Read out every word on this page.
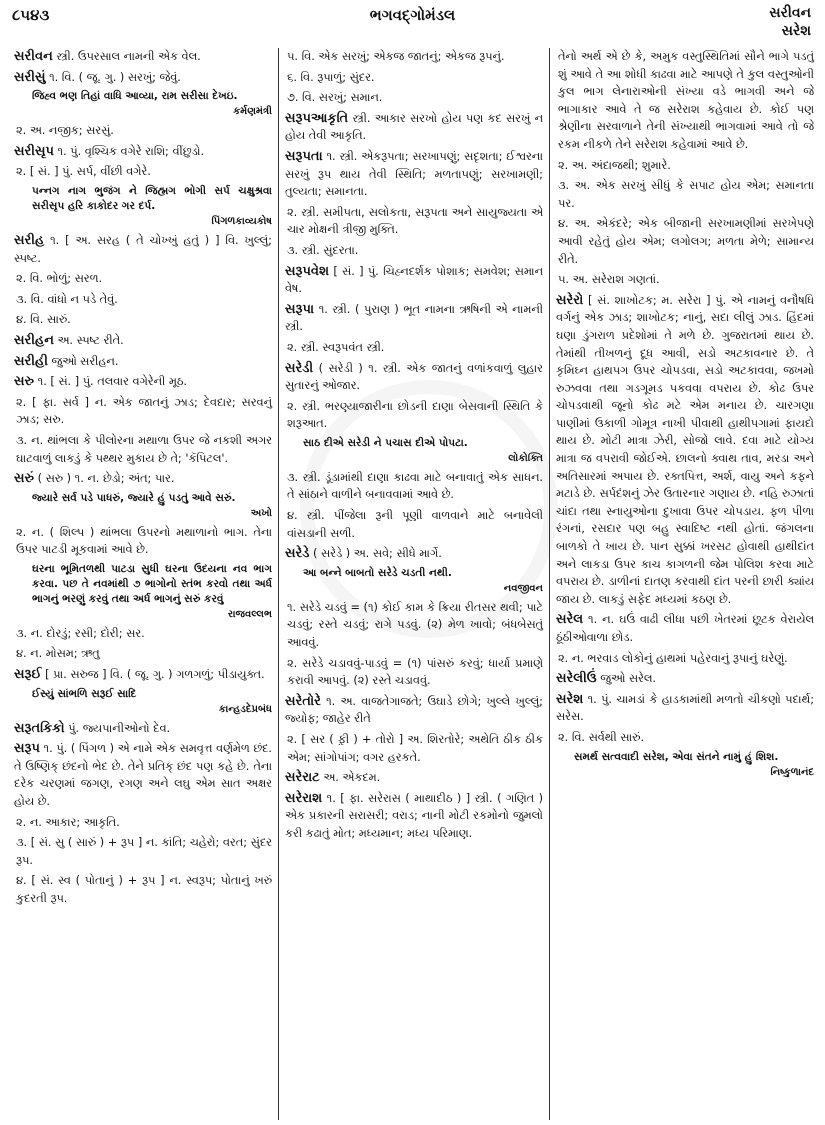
૮૫૪૩	ભગવદ્ગોમંડલ	સરીવન
સરેશ
સરીવન સ્ત્રી. ઉપરસાલ નામની એક વેલ.
સરીસું ૧. વિ. ( જૂ. ગુ. ) સરખું; જેવું.
જિહ્વ ભણ તિહાં વાધિ આવ્યા, રામ સરીસા દેખઇ.
કર્મણમંત્રી
૨. અ. નજીક; સરસું.
સરીસૃપ ૧. પું. વૃશ્ચિક વગેરે રાશિ; વીંછુડો.
૨. [ સં. ] પું. સર્પ, વીંછી વગેરે.
પન્નગ નાગ ભુજંગ ને જિહ્મગ ભોગી સર્પ ચક્ષુશ્રવા સરીસૃપ હરિ કાકોદર ગર દર્પ.
પિંગળકાવ્યકોષ
સરીહ ૧. [ અ. સરહ ( તે ચોખ્ખું હતું ) ] વિ. ખુલ્લું; સ્પષ્ટ.
૨. વિ. ભોળું; સરળ.
૩. વિ. વાંધો ન પડે તેવું.
૪. વિ. સારું.
સરીહન અ. સ્પષ્ટ રીતે.
સરીહી જુઓ સરીહન.
સરુ ૧. [ સં. ] પું. તલવાર વગેરેની મૂઠ.
૨. [ ફા. સર્વ ] ન. એક જાતનું ઝાડ; દેવદાર; સરવનું ઝાડ; સરુ.
૩. ન. થાંભલા કે પીલોરના મથાળા ઉપર જે નકશી અગર ઘાટવાળું લાકડું કે પથ્થર મુકાય છે તે; 'કૅપિટલ'.
સરું ( સરુ ) ૧. ન. છેડો; અંત; પાર.
જ્યારે સર્વ પડે પાધરું, જ્યારે હું પડતું આવે સરું.
અખો
૨. ન. ( શિલ્પ ) થાંભલા ઉપરનો મથાળાનો ભાગ. તેના ઉપર પાટડી મૂકવામાં આવે છે.
ઘરના ભૂમિતળથી પાટડા સુધી ઘરના ઉદયના નવ ભાગ કરવા. પછ તે નવમાંથી ૭ ભાગોનો સ્તંભ કરવો તથા અર્ધ ભાગનું ભરણું કરવું તથા અર્ધ ભાગનું સરું કરવું
રાજવલ્લભ
૩. ન. દોરડું; રસી; દોરી; સર.
૪. ન. મોસમ; ઋતુ
સરૂઈ [ પ્રા. સરુજ ] વિ. ( જૂ. ગુ. ) ગળગળું; પીડાયુક્ત.
ઈસ્યું સાંભળિ સરૂઈ સાદિ
કાન્હડદેપ્રબંધ
સરૂતકિકો પું. જ્યપાનીઓનો દેવ.
સરૂપ ૧. પું. ( પિંગળ ) એ નામે એક સમવૃત્ત વર્ણમેળ છંદ. તે ઉષ્ણિક્ છંદનો ભેદ છે. તેને પ્રતિક્ છંદ પણ કહે છે. તેના દરેક ચરણમાં જગણ, રગણ અને લઘુ એમ સાત અક્ષર હોય છે.
૨. ન. આકાર; આકૃતિ.
૩. [ સં. સુ ( સારું ) + રૂપ ] ન. કાંતિ; ચહેરો; વરત; સુંદર રૂપ.
૪. [ સં. સ્વ ( પોતાનું ) + રૂપ ] ન. સ્વરૂપ; પોતાનું ખરું કુદરતી રૂપ.
૫. વિ. એક સરખું; એકજ જાતનું; એકજ રૂપનું.
૬. વિ. રૂપાળું; સુંદર.
૭. વિ. સરખું; સમાન.
સરૂપઆકૃતિ સ્ત્રી. આકાર સરખો હોય પણ કદ સરખું ન હોય તેવી આકૃતિ.
સરૂપતા ૧. સ્ત્રી. એકરૂપતા; સરખાપણું; સદૃશતા; ઈશ્વરના સરખું રૂપ થાય તેવી સ્થિતિ; મળતાપણું; સરખામણી; તુલ્યતા; સમાનતા.
૨. સ્ત્રી. સમીપતા, સલોકતા, સરૂપતા અને સાયુજ્યતા એ ચાર મોક્ષની ત્રીજી મુક્તિ.
૩. સ્ત્રી. સુંદરતા.
સરૂપવેશ [ સં. ] પું. ચિહ્નદર્શક પોશાક; સમવેશ; સમાન વેષ.
સરૂપા ૧. સ્ત્રી. ( પુરાણ ) ભૂત નામના ઋષિની એ નામની સ્ત્રી.
૨. સ્ત્રી. સ્વરૂપવંત સ્ત્રી.
સરેડી ( સરેડી ) ૧. સ્ત્રી. એક જાતનું વળાંકવાળું લુહાર સુતારનું ઓજાર.
૨. સ્ત્રી. ભરણ્યાજારીના છોડની દાણા બેસવાની સ્થિતિ કે શરૂઆત.
સાઠ દીએ સરેડી ને પચાસ દીએ પોપટા.
લોકોક્તિ
૩. સ્ત્રી. ડૂંડામાંથી દાણા કાઢવા માટે બનાવાતું એક સાધન. તે સાંઠાને વાળીને બનાવવામાં આવે છે.
૪. સ્ત્રી. પીંજેલા રૂની પૂણી વાળવાને માટે બનાવેલી વાંસડાની સળી.
સરેડે ( સરેડે ) અ. સવે; સીધે માર્ગે.
આ બન્ને બાબતો સરેડે ચડતી નથી.
નવજીવન
૧. સરેડે ચડવું = (૧) કોઈ કામ કે ક્રિયા રીતસર થવી; પાટે ચડવું; રસ્તે ચડવું; રાગે પડવું. (૨) મેળ ખાવો; બંધબેસતું આવવું.
૨. સરેડે ચડાવવું-પાડવું = (૧) પાંસરું કરવું; ધાર્યા પ્રમાણે કરાવી આપવું. (૨) રસ્તે ચડાવવું.
સરેતોરે ૧. અ. વાજતેગાજતે; ઉઘાડે છોગે; ખુલ્લે ખુલ્લું; જ્યોફ; જાહેર રીતે
૨. [ સર ( ફ઼ી ) + તોરો ] અ. શિરતોરે; અથેતિ ઠીક ઠીક એમ; સાંગોપાંગ; વગર હરકતે.
સરેરાટ અ. એકદમ.
સરેરાશ ૧. [ ફા. સરેરાસ ( માથાદીઠ ) ] સ્ત્રી. ( ગણિત ) એક પ્રકારની સરાસરી; વરાડ; નાની મોટી રકમોનો જુમલો કરી કઢાતું મોત; મધ્યમાન; મધ્ય પરિમાણ.
તેનો અર્થ એ છે કે, અમુક વસ્તુસ્થિતિમાં સૌને ભાગે પડતું શું આવે તે આ શોધી કાઢવા માટે આપણે તે કુલ વસ્તુઓની કુલ ભાગ લેનારાઓની સંખ્યા વડે ભાગવી અને જે ભાગાકાર આવે તે જ સરેરાશ કહેવાય છે. કોઈ પણ શ્રેણીના સરવાળાને તેની સંખ્યાથી ભાગવામાં આવે તો જે રકમ નીકળે તેને સરેરાશ કહેવામાં આવે છે.
૨. અ. અંદાજથી; શુમારે.
૩. અ. એક સરખું સીધું કે સપાટ હોય એમ; સમાનતા પર.
૪. અ. એકંદરે; એક બીજાની સરખામણીમાં સરખેપણે આવી રહેતું હોય એમ; લગોલગ; મળતા મેળે; સામાન્ય રીતે.
૫. અ. સરેરાશ ગણતાં.
સરેરો [ સં. શાખોટક; મ. સરેરા ] પું. એ નામનું વનૌષધિ વર્ગનું એક ઝાડ; શાખોટક; નાનું, સદા લીલું ઝાડ. હિંદમાં ઘણા ડુંગરાળ પ્રદેશોમાં તે મળે છે. ગુજરાતમાં થાય છે. તેમાંથી તીખળનું દૂધ આવી, સડો અટકાવનાર છે. તે કૃમિઘ્ન હાથપગ ઉપર ચોપડવા, સડો અટકાવવા, જખમો રુઝવવા તથા ગડગૂમડ પકવવા વપરાય છે. કોઢ ઉપર ચોપડવાથી જૂનો કોઢ મટે એમ મનાય છે. ચારગણા પાણીમાં ઉકાળી ગોમૂત્ર નાખી પીવાથી હાથીપગામાં ફાયદો થાય છે. મોટી માત્રા ઝેરી, સોજો લાવે. દવા માટે યોગ્ય માત્રા જ વપરાવી જોઈએ. છાલનો ક્વાથ તાવ, મરડા અને અતિસારમાં અપાય છે. રક્તપિત્ત, અર્શ, વાયુ અને કફને મટાડે છે. સર્પદંશનું ઝેર ઉતારનાર ગણાય છે. નહિ રુઝાતાં ચાંદા તથા સ્નાયુઓના દુખાવા ઉપર ચોપડાય. ફળ પીળા રંગનાં, રસદાર પણ બહુ સ્વાદિષ્ટ નથી હોતાં. જંગલના બાળકો તે ખાય છે. પાન સુક્કાં ખરસટ હોવાથી હાથીદાંત અને લાકડા ઉપર કાચ કાગળની જેમ પોલિશ કરવા માટે વપરાય છે. ડાળીનાં દાતણ કરવાથી દાંત પરની છારી ક્યાંય જાય છે. લાકડું સફેદ મધ્યમાં કઠણ છે.
સરેલ ૧. ન. ઘઉં વાઢી લીધા પછી ખેતરમાં છૂટક વેરાયેલ ઠૂંઠીઓવાળા છોડ.
૨. ન. ભરવાડ લોકોનું હાથમાં પહેરવાનું રૂપાનું ઘરેણું.
સરેલીઉં જુઓ સરેલ.
સરેશ ૧. પું. ચામડાં કે હાડકામાંથી મળતો ચીકણો પદાર્થ; સરેસ.
૨. વિ. સર્વથી સારું.
સમર્થ સત્વવાદી સરેશ, એવા સંતને નામું હું શિશ.
નિષ્કુળાનંદ
